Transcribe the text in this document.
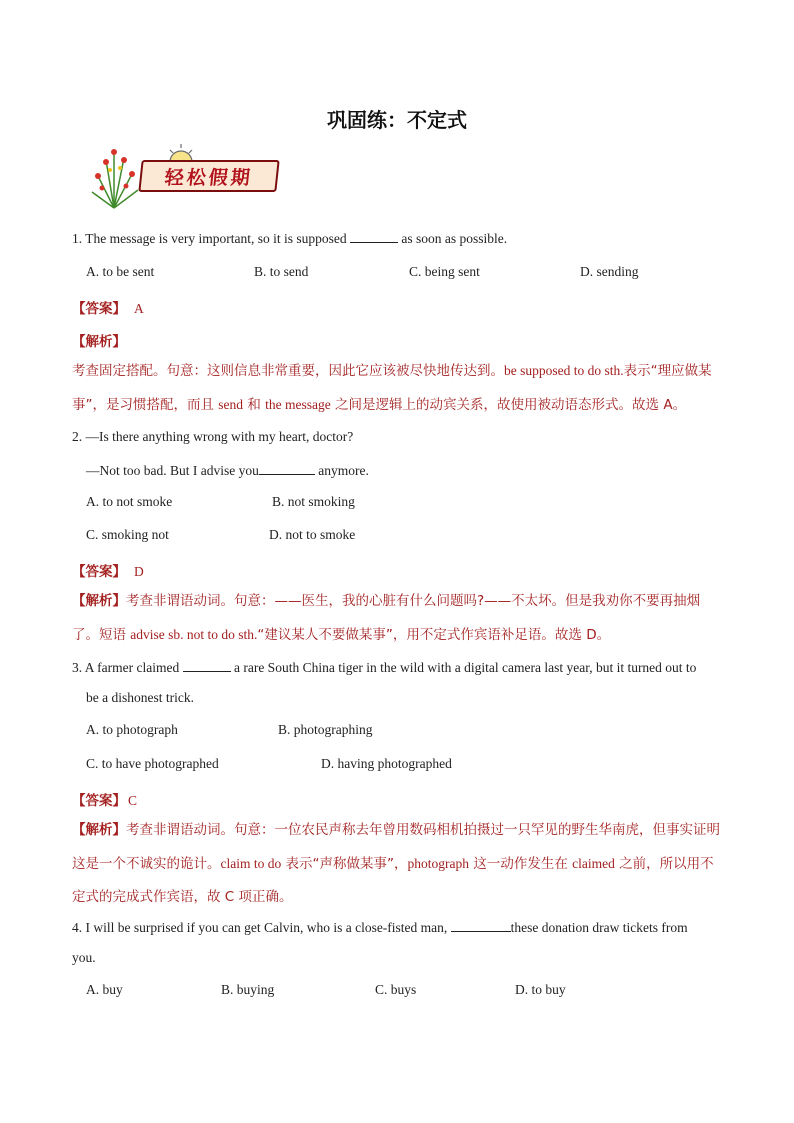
巩固练：不定式
轻松假期
1. The message is very important, so it is supposed	as soon as possible.
A. to be sent	B. to send	C. being sent	D. sending
【答案】 A
【解析】
考查固定搭配。句意：这则信息非常重要，因此它应该被尽快地传达到。be supposed to do sth.表示“理应做某事”，是习惯搭配，而且 send 和 the message 之间是逻辑上的动宾关系，故使用被动语态形式。故选 A。
2. —Is there anything wrong with my heart, doctor?
—Not too bad. But I advise you	anymore.
A. to not smoke	B. not smoking
C. smoking not	D. not to smoke
【答案】 D
【解析】考查非谓语动词。句意：——医生，我的心脏有什么问题吗?——不太坏。但是我劝你不要再抽烟了。短语 advise sb. not to do sth.“建议某人不要做某事”，用不定式作宾语补足语。故选 D。
3. A farmer claimed	a rare South China tiger in the wild with a digital camera last year, but it turned out to
be a dishonest trick.
A. to photograph	B. photographing
C. to have photographed	D. having photographed
【答案】 C
【解析】考查非谓语动词。句意：一位农民声称去年曾用数码相机拍摄过一只罕见的野生华南虎，但事实证明这是一个不诚实的诡计。claim to do 表示“声称做某事”，photograph 这一动作发生在 claimed 之前，所以用不定式的完成式作宾语，故 C 项正确。
4. I will be surprised if you can get Calvin, who is a close-fisted man,	these donation draw tickets from
you.
A. buy	B. buying	C. buys	D. to buy
